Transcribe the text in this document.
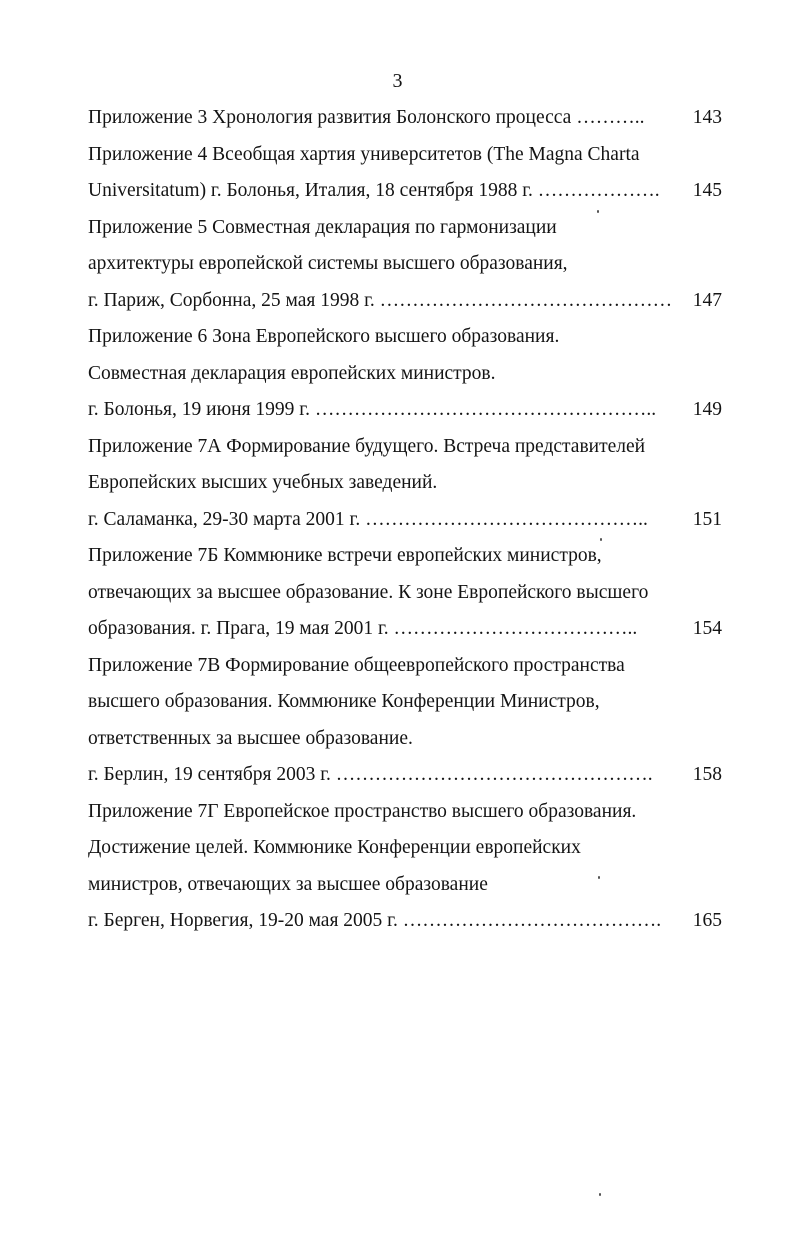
3
Приложение 3 Хронология развития Болонского процесса ……….. 143
Приложение 4 Всеобщая хартия университетов (The Magna Charta
Universitatum) г. Болонья, Италия, 18 сентября 1988 г. ………………. 145
Приложение 5 Совместная декларация по гармонизации
архитектуры европейской системы высшего образования,
г. Париж, Сорбонна, 25 мая 1998 г. ……………………………………… 147
Приложение 6 Зона Европейского высшего образования.
Совместная декларация европейских министров.
г. Болонья, 19 июня 1999 г. …………………………………………….. 149
Приложение 7А Формирование будущего. Встреча представителей
Европейских высших учебных заведений.
г. Саламанка, 29-30 марта 2001 г. …………………………………….. 151
Приложение 7Б Коммюнике встречи европейских министров,
отвечающих за высшее образование. К зоне Европейского высшего
образования. г. Прага, 19 мая 2001 г. ………………………………..	154
Приложение 7В Формирование общеевропейского пространства
высшего образования. Коммюнике Конференции Министров,
ответственных за высшее образование.
г. Берлин, 19 сентября 2003 г. …………………………………………. 158
Приложение 7Г Европейское пространство высшего образования.
Достижение целей. Коммюнике Конференции европейских
министров, отвечающих за высшее образование
г. Берген, Норвегия, 19-20 мая 2005 г. …………………………………. 165
